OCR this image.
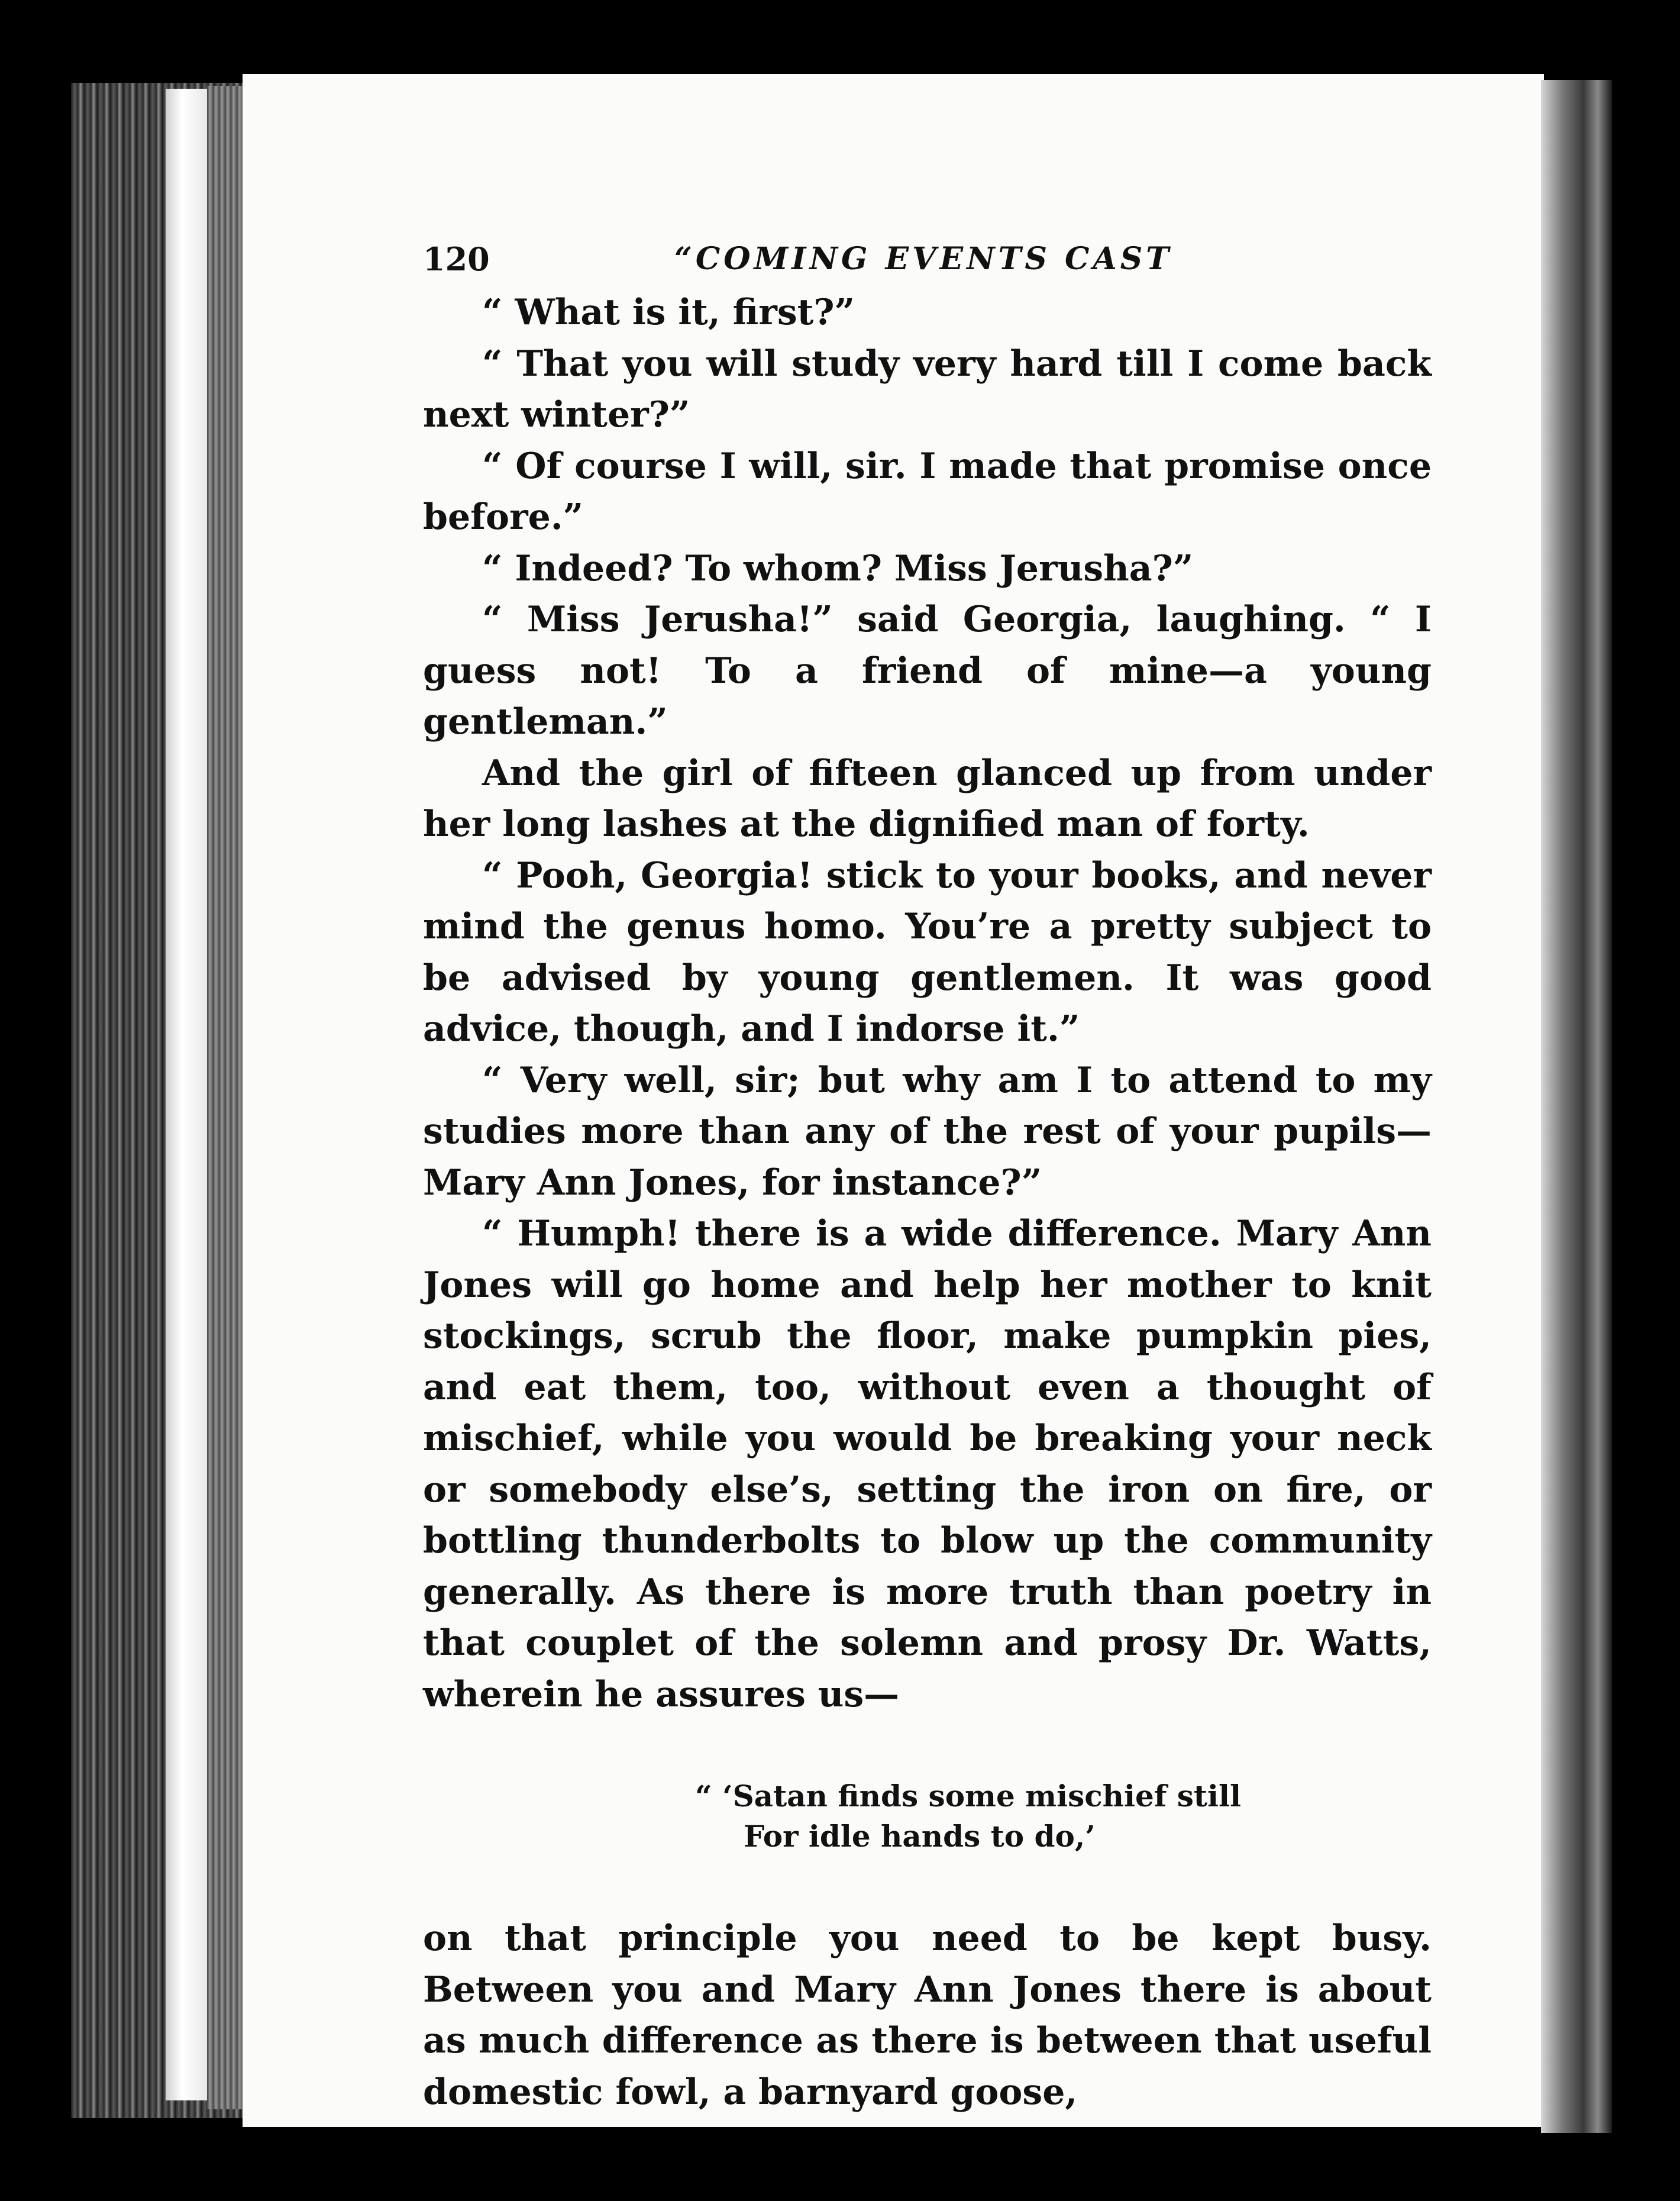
120	“COMING EVENTS CAST

“ What is it, first?”

“ That you will study very hard till I come back next winter?”

“ Of course I will, sir. I made that promise once before.”

“ Indeed? To whom? Miss Jerusha?”

“ Miss Jerusha!” said Georgia, laughing. “ I guess not! To a friend of mine—a young gentleman.”

And the girl of fifteen glanced up from under her long lashes at the dignified man of forty.

“ Pooh, Georgia! stick to your books, and never mind the genus homo. You’re a pretty subject to be advised by young gentlemen. It was good advice, though, and I indorse it.”

“ Very well, sir; but why am I to attend to my studies more than any of the rest of your pupils—Mary Ann Jones, for instance?”

“ Humph! there is a wide difference. Mary Ann Jones will go home and help her mother to knit stockings, scrub the floor, make pumpkin pies, and eat them, too, without even a thought of mischief, while you would be breaking your neck or somebody else’s, setting the iron on fire, or bottling thunderbolts to blow up the community generally. As there is more truth than poetry in that couplet of the solemn and prosy Dr. Watts, wherein he assures us—

“ ‘Satan finds some mischief still
For idle hands to do,’

on that principle you need to be kept busy. Between you and Mary Ann Jones there is about as much difference as there is between that useful domestic fowl, a barnyard goose,
